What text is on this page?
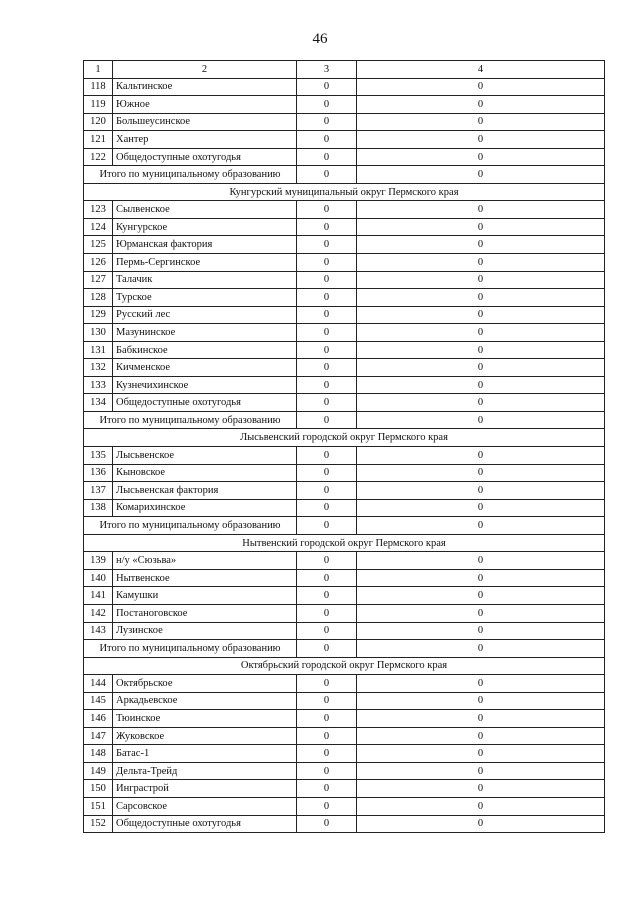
46
1	2	3	4
118	Кальтинское	0	0
119	Южное	0	0
120	Большеусинское	0	0
121	Хантер	0	0
122	Общедоступные охотугодья	0	0
Итого по муниципальному образованию		0	0
Кунгурский муниципальный округ Пермского края			
123	Сылвенское	0	0
124	Кунгурское	0	0
125	Юрманская фактория	0	0
126	Пермь-Сергинское	0	0
127	Талачик	0	0
128	Турское	0	0
129	Русский лес	0	0
130	Мазунинское	0	0
131	Бабкинское	0	0
132	Кичменское	0	0
133	Кузнечихинское	0	0
134	Общедоступные охотугодья	0	0
Итого по муниципальному образованию		0	0
Лысьвенский городской округ Пермского края			
135	Лысьвенское	0	0
136	Кыновское	0	0
137	Лысьвенская фактория	0	0
138	Комарихинское	0	0
Итого по муниципальному образованию		0	0
Нытвенский городской округ Пермского края			
139	н/у «Сюзьва»	0	0
140	Нытвенское	0	0
141	Камушки	0	0
142	Постаноговское	0	0
143	Лузинское	0	0
Итого по муниципальному образованию		0	0
Октябрьский городской округ Пермского края			
144	Октябрьское	0	0
145	Аркадьевское	0	0
146	Тюинское	0	0
147	Жуковское	0	0
148	Батас-1	0	0
149	Дельта-Трейд	0	0
150	Инграстрой	0	0
151	Сарсовское	0	0
152	Общедоступные охотугодья	0	0
